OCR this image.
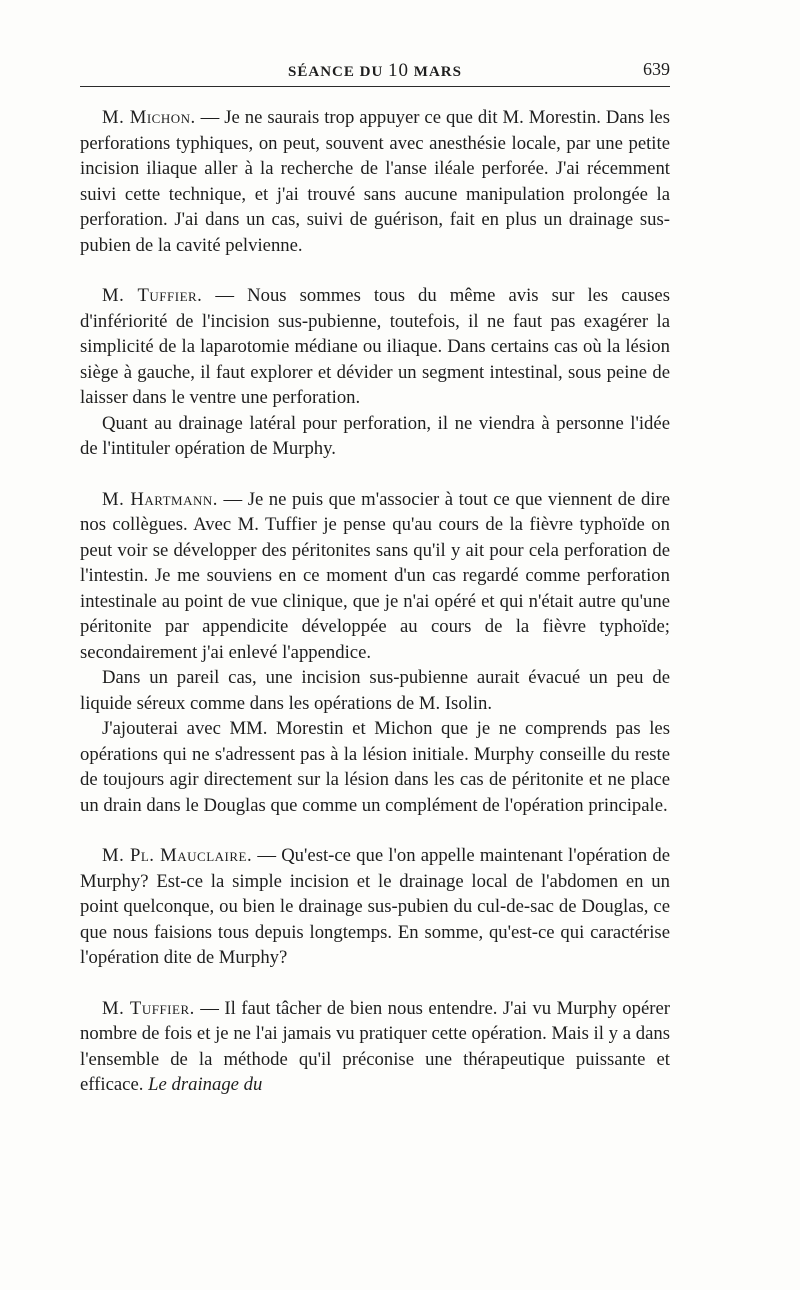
SÉANCE DU 10 MARS	639

M. Michon. — Je ne saurais trop appuyer ce que dit M. Morestin. Dans les perforations typhiques, on peut, souvent avec anesthésie locale, par une petite incision iliaque aller à la recherche de l'anse iléale perforée. J'ai récemment suivi cette technique, et j'ai trouvé sans aucune manipulation prolongée la perforation. J'ai dans un cas, suivi de guérison, fait en plus un drainage sus-pubien de la cavité pelvienne.

M. Tuffier. — Nous sommes tous du même avis sur les causes d'infériorité de l'incision sus-pubienne, toutefois, il ne faut pas exagérer la simplicité de la laparotomie médiane ou iliaque. Dans certains cas où la lésion siège à gauche, il faut explorer et dévider un segment intestinal, sous peine de laisser dans le ventre une perforation.

Quant au drainage latéral pour perforation, il ne viendra à personne l'idée de l'intituler opération de Murphy.

M. Hartmann. — Je ne puis que m'associer à tout ce que viennent de dire nos collègues. Avec M. Tuffier je pense qu'au cours de la fièvre typhoïde on peut voir se développer des péritonites sans qu'il y ait pour cela perforation de l'intestin. Je me souviens en ce moment d'un cas regardé comme perforation intestinale au point de vue clinique, que je n'ai opéré et qui n'était autre qu'une péritonite par appendicite développée au cours de la fièvre typhoïde; secondairement j'ai enlevé l'appendice.

Dans un pareil cas, une incision sus-pubienne aurait évacué un peu de liquide séreux comme dans les opérations de M. Isolin.

J'ajouterai avec MM. Morestin et Michon que je ne comprends pas les opérations qui ne s'adressent pas à la lésion initiale. Murphy conseille du reste de toujours agir directement sur la lésion dans les cas de péritonite et ne place un drain dans le Douglas que comme un complément de l'opération principale.

M. Pl. Mauclaire. — Qu'est-ce que l'on appelle maintenant l'opération de Murphy? Est-ce la simple incision et le drainage local de l'abdomen en un point quelconque, ou bien le drainage sus-pubien du cul-de-sac de Douglas, ce que nous faisions tous depuis longtemps. En somme, qu'est-ce qui caractérise l'opération dite de Murphy?

M. Tuffier. — Il faut tâcher de bien nous entendre. J'ai vu Murphy opérer nombre de fois et je ne l'ai jamais vu pratiquer cette opération. Mais il y a dans l'ensemble de la méthode qu'il préconise une thérapeutique puissante et efficace. Le drainage du
